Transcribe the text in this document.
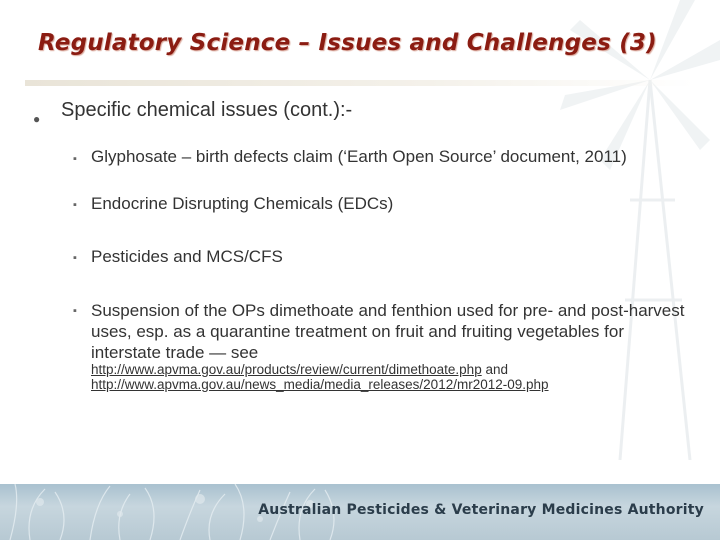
Regulatory Science – Issues and Challenges (3)
● Specific chemical issues (cont.):-
▪ Glyphosate – birth defects claim (‘Earth Open Source’ document, 2011)
▪ Endocrine Disrupting Chemicals (EDCs)
▪ Pesticides and MCS/CFS
▪ Suspension of the OPs dimethoate and fenthion used for pre- and post-harvest uses, esp. as a quarantine treatment on fruit and fruiting vegetables for interstate trade — see
http://www.apvma.gov.au/products/review/current/dimethoate.php and
http://www.apvma.gov.au/news_media/media_releases/2012/mr2012-09.php
Australian Pesticides & Veterinary Medicines Authority
